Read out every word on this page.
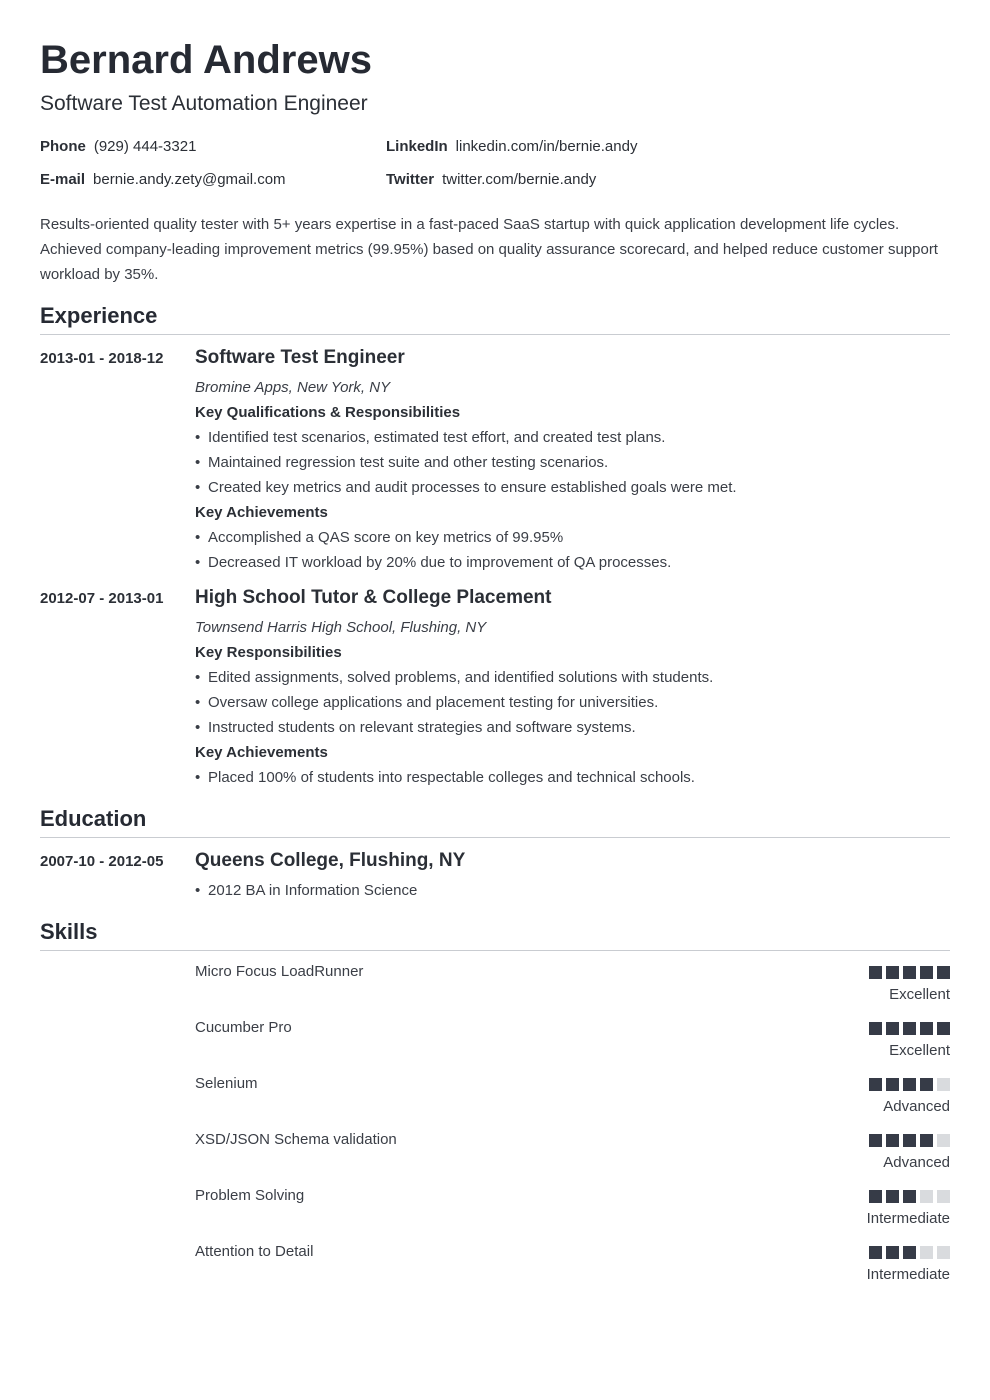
Bernard Andrews
Software Test Automation Engineer
Phone (929) 444-3321
E-mail bernie.andy.zety@gmail.com
LinkedIn linkedin.com/in/bernie.andy
Twitter twitter.com/bernie.andy
Results-oriented quality tester with 5+ years expertise in a fast-paced SaaS startup with quick application development life cycles. Achieved company-leading improvement metrics (99.95%) based on quality assurance scorecard, and helped reduce customer support workload by 35%.
Experience
2013-01 - 2018-12 Software Test Engineer
Bromine Apps, New York, NY
Key Qualifications & Responsibilities
• Identified test scenarios, estimated test effort, and created test plans.
• Maintained regression test suite and other testing scenarios.
• Created key metrics and audit processes to ensure established goals were met.
Key Achievements
• Accomplished a QAS score on key metrics of 99.95%
• Decreased IT workload by 20% due to improvement of QA processes.
2012-07 - 2013-01 High School Tutor & College Placement
Townsend Harris High School, Flushing, NY
Key Responsibilities
• Edited assignments, solved problems, and identified solutions with students.
• Oversaw college applications and placement testing for universities.
• Instructed students on relevant strategies and software systems.
Key Achievements
• Placed 100% of students into respectable colleges and technical schools.
Education
2007-10 - 2012-05 Queens College, Flushing, NY
• 2012 BA in Information Science
Skills
Micro Focus LoadRunner
Excellent
Cucumber Pro
Excellent
Selenium
Advanced
XSD/JSON Schema validation
Advanced
Problem Solving
Intermediate
Attention to Detail
Intermediate
